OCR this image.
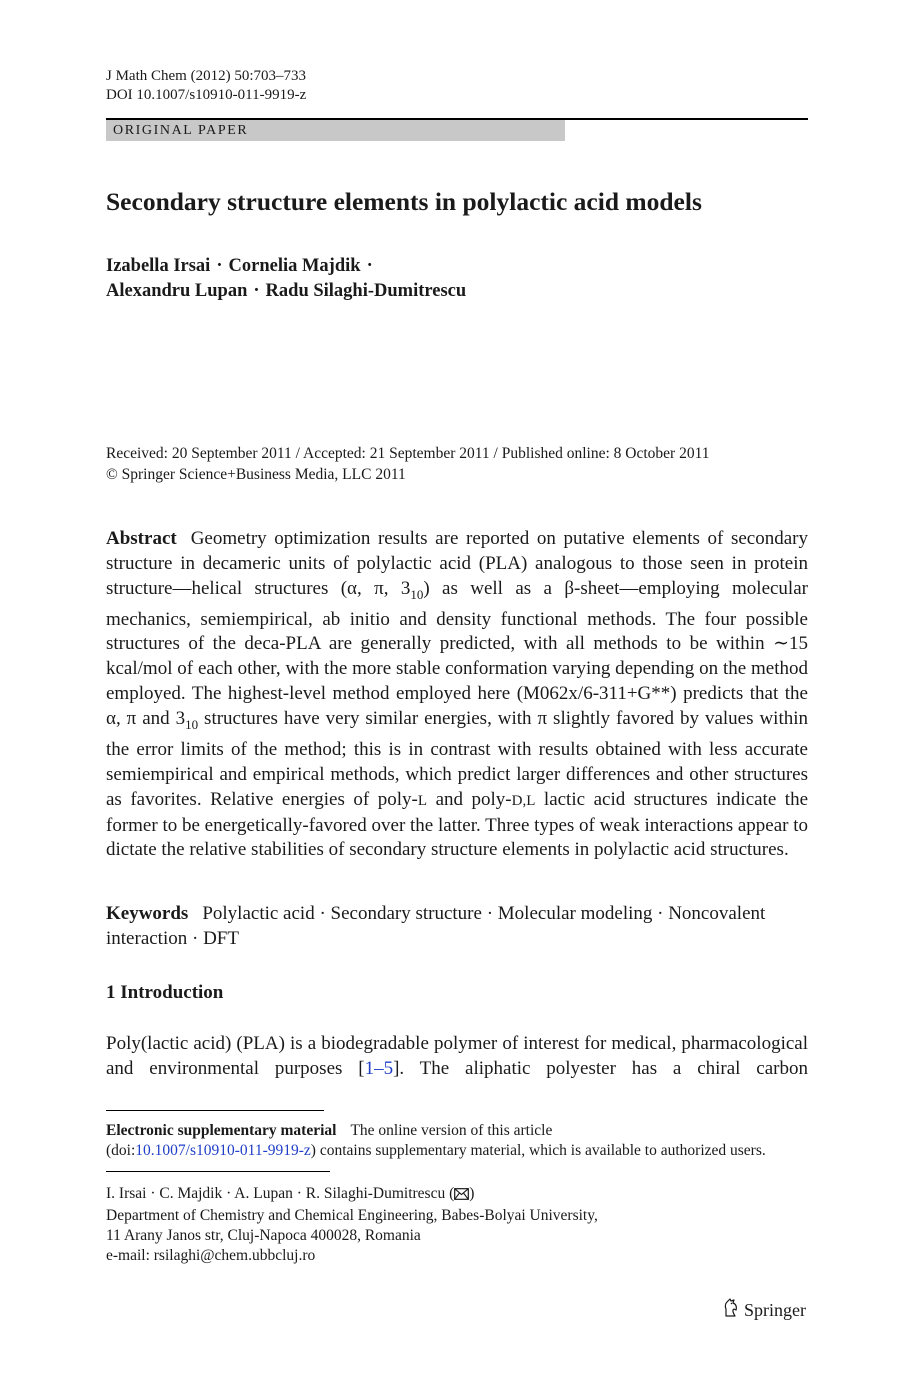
J Math Chem (2012) 50:703–733
DOI 10.1007/s10910-011-9919-z
ORIGINAL PAPER
Secondary structure elements in polylactic acid models
Izabella Irsai · Cornelia Majdik ·
Alexandru Lupan · Radu Silaghi-Dumitrescu
Received: 20 September 2011 / Accepted: 21 September 2011 / Published online: 8 October 2011
© Springer Science+Business Media, LLC 2011
Abstract Geometry optimization results are reported on putative elements of secondary structure in decameric units of polylactic acid (PLA) analogous to those seen in protein structure—helical structures (α, π, $3_{10}$) as well as a β-sheet—employing molecular mechanics, semiempirical, ab initio and density functional methods. The four possible structures of the deca-PLA are generally predicted, with all methods to be within ∼15 kcal/mol of each other, with the more stable conformation varying depending on the method employed. The highest-level method employed here (M062x/6-311+G**) predicts that the α, π and $3_{10}$ structures have very similar energies, with π slightly favored by values within the error limits of the method; this is in contrast with results obtained with less accurate semiempirical and empirical methods, which predict larger differences and other structures as favorites. Relative energies of poly-L and poly-D,L lactic acid structures indicate the former to be energetically-favored over the latter. Three types of weak interactions appear to dictate the relative stabilities of secondary structure elements in polylactic acid structures.
Keywords Polylactic acid · Secondary structure · Molecular modeling · Noncovalent interaction · DFT
1 Introduction
Poly(lactic acid) (PLA) is a biodegradable polymer of interest for medical, pharmacological and environmental purposes [1–5]. The aliphatic polyester has a chiral carbon
Electronic supplementary material The online version of this article
(doi:10.1007/s10910-011-9919-z) contains supplementary material, which is available to authorized users.
I. Irsai · C. Majdik · A. Lupan · R. Silaghi-Dumitrescu ( )
Department of Chemistry and Chemical Engineering, Babes-Bolyai University,
11 Arany Janos str, Cluj-Napoca 400028, Romania
e-mail: rsilaghi@chem.ubbcluj.ro
Springer
